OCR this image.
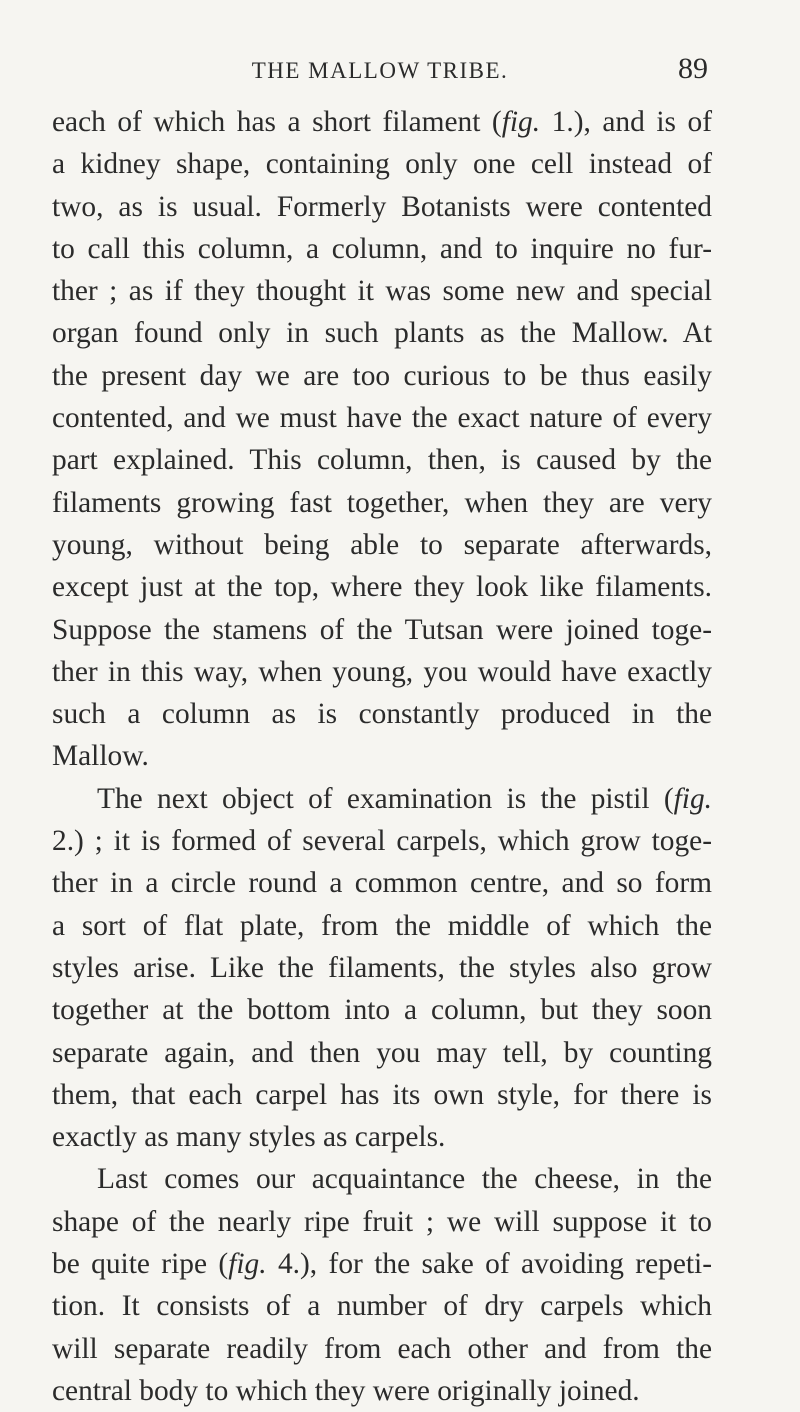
THE MALLOW TRIBE.	89
each of which has a short filament (fig. 1.), and is of
a kidney shape, containing only one cell instead of
two, as is usual. Formerly Botanists were contented
to call this column, a column, and to inquire no fur-
ther ; as if they thought it was some new and special
organ found only in such plants as the Mallow. At
the present day we are too curious to be thus easily
contented, and we must have the exact nature of every
part explained. This column, then, is caused by the
filaments growing fast together, when they are very
young, without being able to separate afterwards,
except just at the top, where they look like filaments.
Suppose the stamens of the Tutsan were joined toge-
ther in this way, when young, you would have exactly
such a column as is constantly produced in the
Mallow.
The next object of examination is the pistil (fig.
2.) ; it is formed of several carpels, which grow toge-
ther in a circle round a common centre, and so form
a sort of flat plate, from the middle of which the
styles arise. Like the filaments, the styles also grow
together at the bottom into a column, but they soon
separate again, and then you may tell, by counting
them, that each carpel has its own style, for there is
exactly as many styles as carpels.
Last comes our acquaintance the cheese, in the
shape of the nearly ripe fruit ; we will suppose it to
be quite ripe (fig. 4.), for the sake of avoiding repeti-
tion. It consists of a number of dry carpels which
will separate readily from each other and from the
central body to which they were originally joined.
